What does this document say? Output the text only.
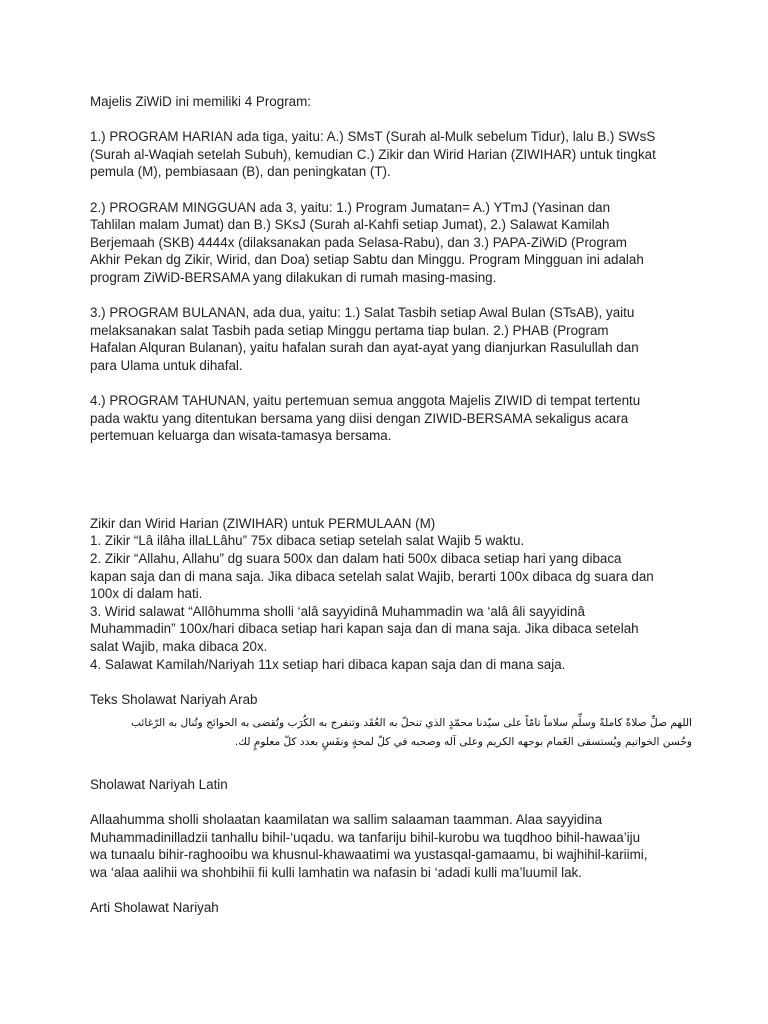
Majelis ZiWiD ini memiliki 4 Program:

1.) PROGRAM HARIAN ada tiga, yaitu: A.) SMsT (Surah al-Mulk sebelum Tidur), lalu B.) SWsS

(Surah al-Waqiah setelah Subuh), kemudian C.) Zikir dan Wirid Harian (ZIWIHAR) untuk tingkat

pemula (M), pembiasaan (B), dan peningkatan (T).

2.) PROGRAM MINGGUAN ada 3, yaitu: 1.) Program Jumatan= A.) YTmJ (Yasinan dan

Tahlilan malam Jumat) dan B.) SKsJ (Surah al-Kahfi setiap Jumat), 2.) Salawat Kamilah

Berjemaah (SKB) 4444x (dilaksanakan pada Selasa-Rabu), dan 3.) PAPA-ZiWiD (Program

Akhir Pekan dg Zikir, Wirid, dan Doa) setiap Sabtu dan Minggu. Program Mingguan ini adalah

program ZiWiD-BERSAMA yang dilakukan di rumah masing-masing.

3.) PROGRAM BULANAN, ada dua, yaitu: 1.) Salat Tasbih setiap Awal Bulan (STsAB), yaitu

melaksanakan salat Tasbih pada setiap Minggu pertama tiap bulan. 2.) PHAB (Program

Hafalan Alquran Bulanan), yaitu hafalan surah dan ayat-ayat yang dianjurkan Rasulullah dan

para Ulama untuk dihafal.

4.) PROGRAM TAHUNAN, yaitu pertemuan semua anggota Majelis ZIWID di tempat tertentu

pada waktu yang ditentukan bersama yang diisi dengan ZIWID-BERSAMA sekaligus acara

pertemuan keluarga dan wisata-tamasya bersama.

Zikir dan Wirid Harian (ZIWIHAR) untuk PERMULAAN (M)

1. Zikir “Lâ ilâha illaLLâhu” 75x dibaca setiap setelah salat Wajib 5 waktu.

2. Zikir “Allahu, Allahu” dg suara 500x dan dalam hati 500x dibaca setiap hari yang dibaca

kapan saja dan di mana saja. Jika dibaca setelah salat Wajib, berarti 100x dibaca dg suara dan

100x di dalam hati.

3. Wirid salawat “Allôhumma sholli ‘alâ sayyidinâ Muhammadin wa ‘alâ âli sayyidinâ

Muhammadin” 100x/hari dibaca setiap hari kapan saja dan di mana saja. Jika dibaca setelah

salat Wajib, maka dibaca 20x.

4. Salawat Kamilah/Nariyah 11x setiap hari dibaca kapan saja dan di mana saja.

Teks Sholawat Nariyah Arab

اللهم صلِّ صلاةً كاملةً وسلِّم سلاماً تامّاً على سيّدنا محمّدٍ الذي تنحلّ به العُقَد وتنفرج به الكُرَب وتُقضى به الحوائج وتُنال به الرّغائب

وحُسن الخواتيم ويُستسقى الغَمام بوجهه الكريم وعلى آله وصحبه في كلّ لمحةٍ ونفَسٍ بعدد كلّ معلومٍ لك.

Sholawat Nariyah Latin

Allaahumma sholli sholaatan kaamilatan wa sallim salaaman taamman. Alaa sayyidina

Muhammadinilladzii tanhallu bihil-‘uqadu. wa tanfariju bihil-kurobu wa tuqdhoo bihil-hawaa’iju

wa tunaalu bihir-raghooibu wa khusnul-khawaatimi wa yustasqal-gamaamu, bi wajhihil-kariimi,

wa ‘alaa aalihii wa shohbihii fii kulli lamhatin wa nafasin bi ‘adadi kulli ma’luumil lak.

Arti Sholawat Nariyah
